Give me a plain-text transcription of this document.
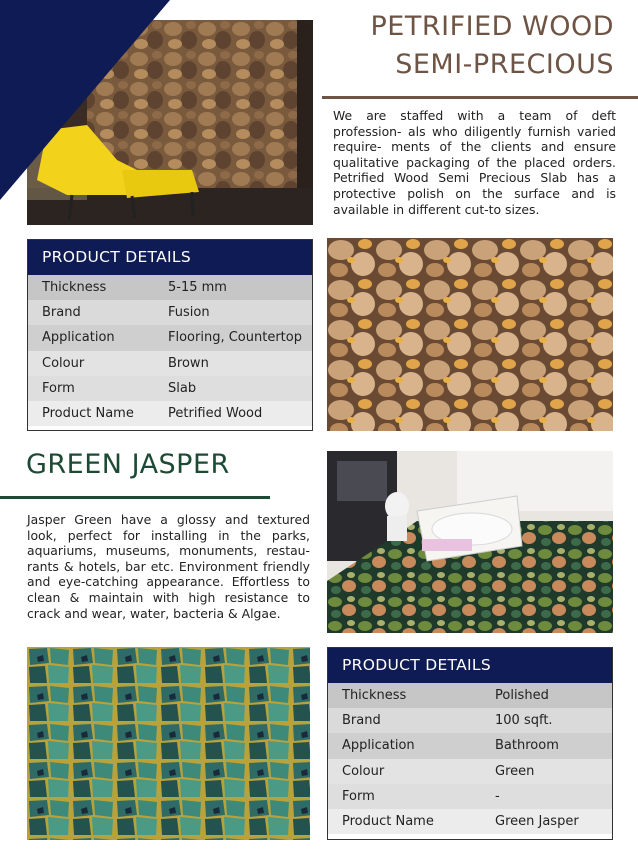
PETRIFIED WOOD
SEMI-PRECIOUS

We are staffed with a team of deft profession- als who diligently furnish varied require- ments of the clients and ensure qualitative packaging of the placed orders. Petrified Wood Semi Precious Slab has a protective polish on the surface and is available in different cut-to sizes.

PRODUCT DETAILS
Thickness	5-15 mm
Brand	Fusion
Application	Flooring, Countertop
Colour	Brown
Form	Slab
Product Name	Petrified Wood
GREEN JASPER

Jasper Green have a glossy and textured look, perfect for installing in the parks, aquariums, museums, monuments, restau- rants & hotels, bar etc. Environment friendly and eye-catching appearance. Effortless to clean & maintain with high resistance to crack and wear, water, bacteria & Algae.

PRODUCT DETAILS
Thickness	Polished
Brand	100 sqft.
Application	Bathroom
Colour	Green
Form	-
Product Name	Green Jasper
